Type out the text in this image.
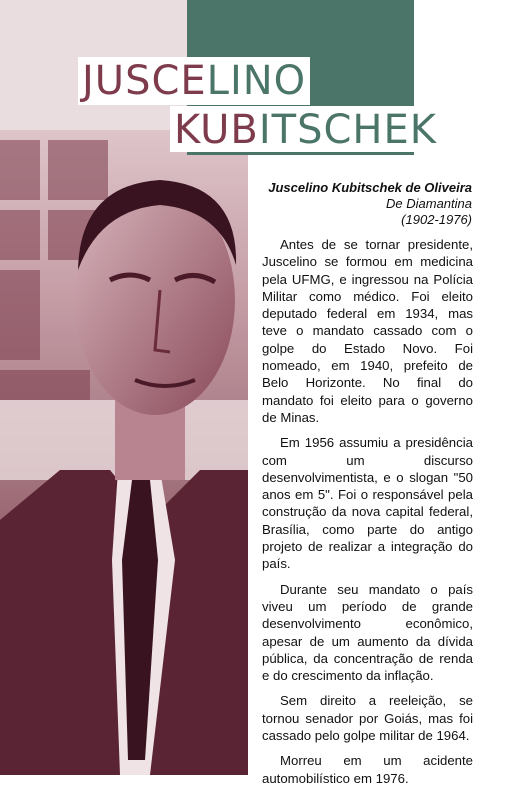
JUSCELINO
KUBITSCHEK
Juscelino Kubitschek de Oliveira
De Diamantina
(1902-1976)

Antes de se tornar presidente, Juscelino se formou em medicina pela UFMG, e ingressou na Polícia Militar como médico. Foi eleito deputado federal em 1934, mas teve o mandato cassado com o golpe do Estado Novo. Foi nomeado, em 1940, prefeito de Belo Horizonte. No final do mandato foi eleito para o governo de Minas.

Em 1956 assumiu a presidência com um discurso desenvolvimentista, e o slogan "50 anos em 5". Foi o responsável pela construção da nova capital federal, Brasília, como parte do antigo projeto de realizar a integração do país.

Durante seu mandato o país viveu um período de grande desenvolvimento econômico, apesar de um aumento da dívida pública, da concentração de renda e do crescimento da inflação.

Sem direito a reeleição, se tornou senador por Goiás, mas foi cassado pelo golpe militar de 1964.

Morreu em um acidente automobilístico em 1976.
